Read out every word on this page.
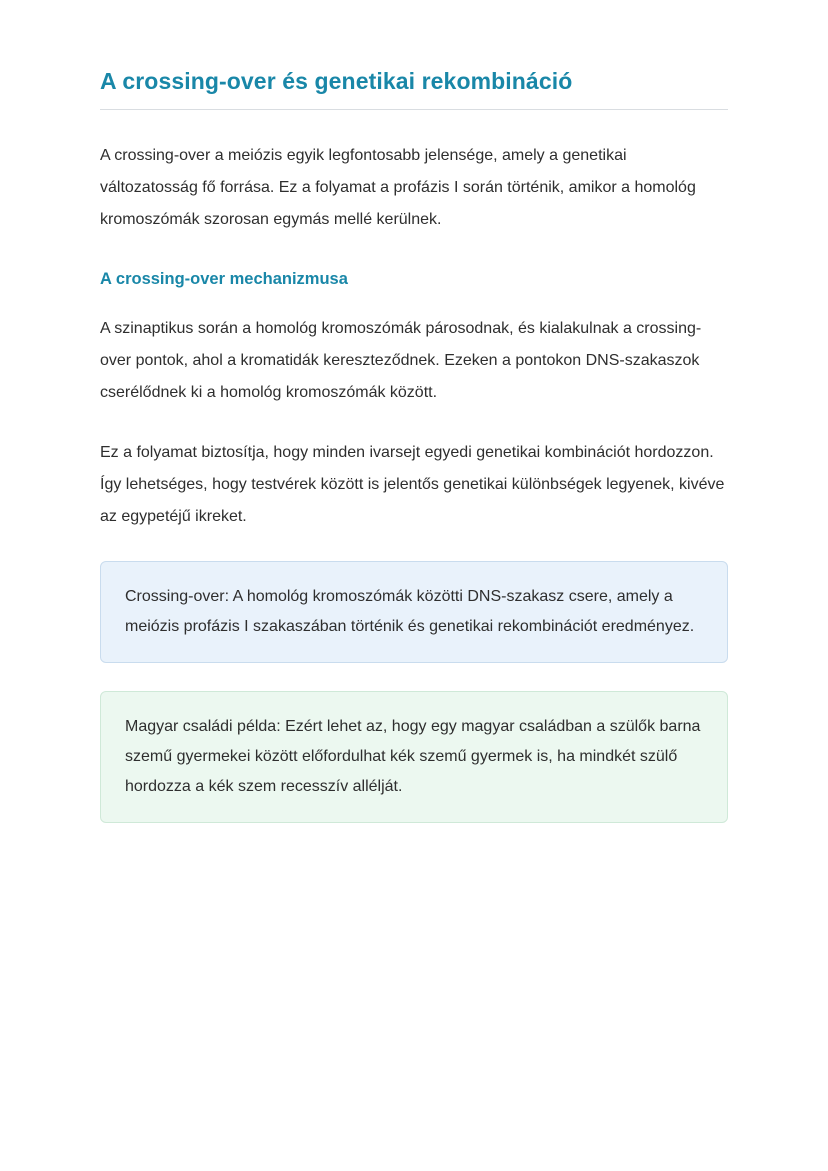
A crossing-over és genetikai rekombináció

A crossing-over a meiózis egyik legfontosabb jelensége, amely a genetikai változatosság fő forrása. Ez a folyamat a profázis I során történik, amikor a homológ kromoszómák szorosan egymás mellé kerülnek.

A crossing-over mechanizmusa

A szinaptikus során a homológ kromoszómák párosodnak, és kialakulnak a crossing-over pontok, ahol a kromatidák kereszteződnek. Ezeken a pontokon DNS-szakaszok cserélődnek ki a homológ kromoszómák között.

Ez a folyamat biztosítja, hogy minden ivarsejt egyedi genetikai kombinációt hordozzon. Így lehetséges, hogy testvérek között is jelentős genetikai különbségek legyenek, kivéve az egypetéjű ikreket.

Crossing-over: A homológ kromoszómák közötti DNS-szakasz csere, amely a meiózis profázis I szakaszában történik és genetikai rekombinációt eredményez.
Magyar családi példa: Ezért lehet az, hogy egy magyar családban a szülők barna szemű gyermekei között előfordulhat kék szemű gyermek is, ha mindkét szülő hordozza a kék szem recesszív allélját.
